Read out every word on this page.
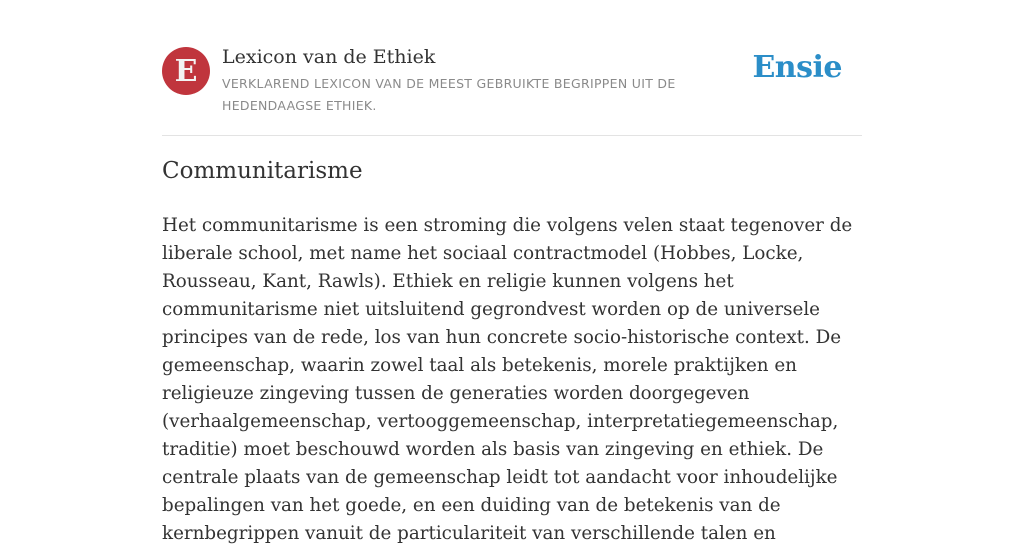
E Lexicon van de Ethiek
VERKLAREND LEXICON VAN DE MEEST GEBRUIKTE BEGRIPPEN UIT DE HEDENDAAGSE ETHIEK.
Ensie
Communitarisme

Het communitarisme is een stroming die volgens velen staat tegenover de liberale school, met name het sociaal contractmodel (Hobbes, Locke, Rousseau, Kant, Rawls). Ethiek en religie kunnen volgens het communitarisme niet uitsluitend gegrondvest worden op de universele principes van de rede, los van hun concrete socio-historische context. De gemeenschap, waarin zowel taal als betekenis, morele praktijken en religieuze zingeving tussen de generaties worden doorgegeven (verhaalgemeenschap, vertooggemeenschap, interpretatiegemeenschap, traditie) moet beschouwd worden als basis van zingeving en ethiek. De centrale plaats van de gemeenschap leidt tot aandacht voor inhoudelijke bepalingen van het goede, en een duiding van de betekenis van de kernbegrippen vanuit de particulariteit van verschillende talen en
